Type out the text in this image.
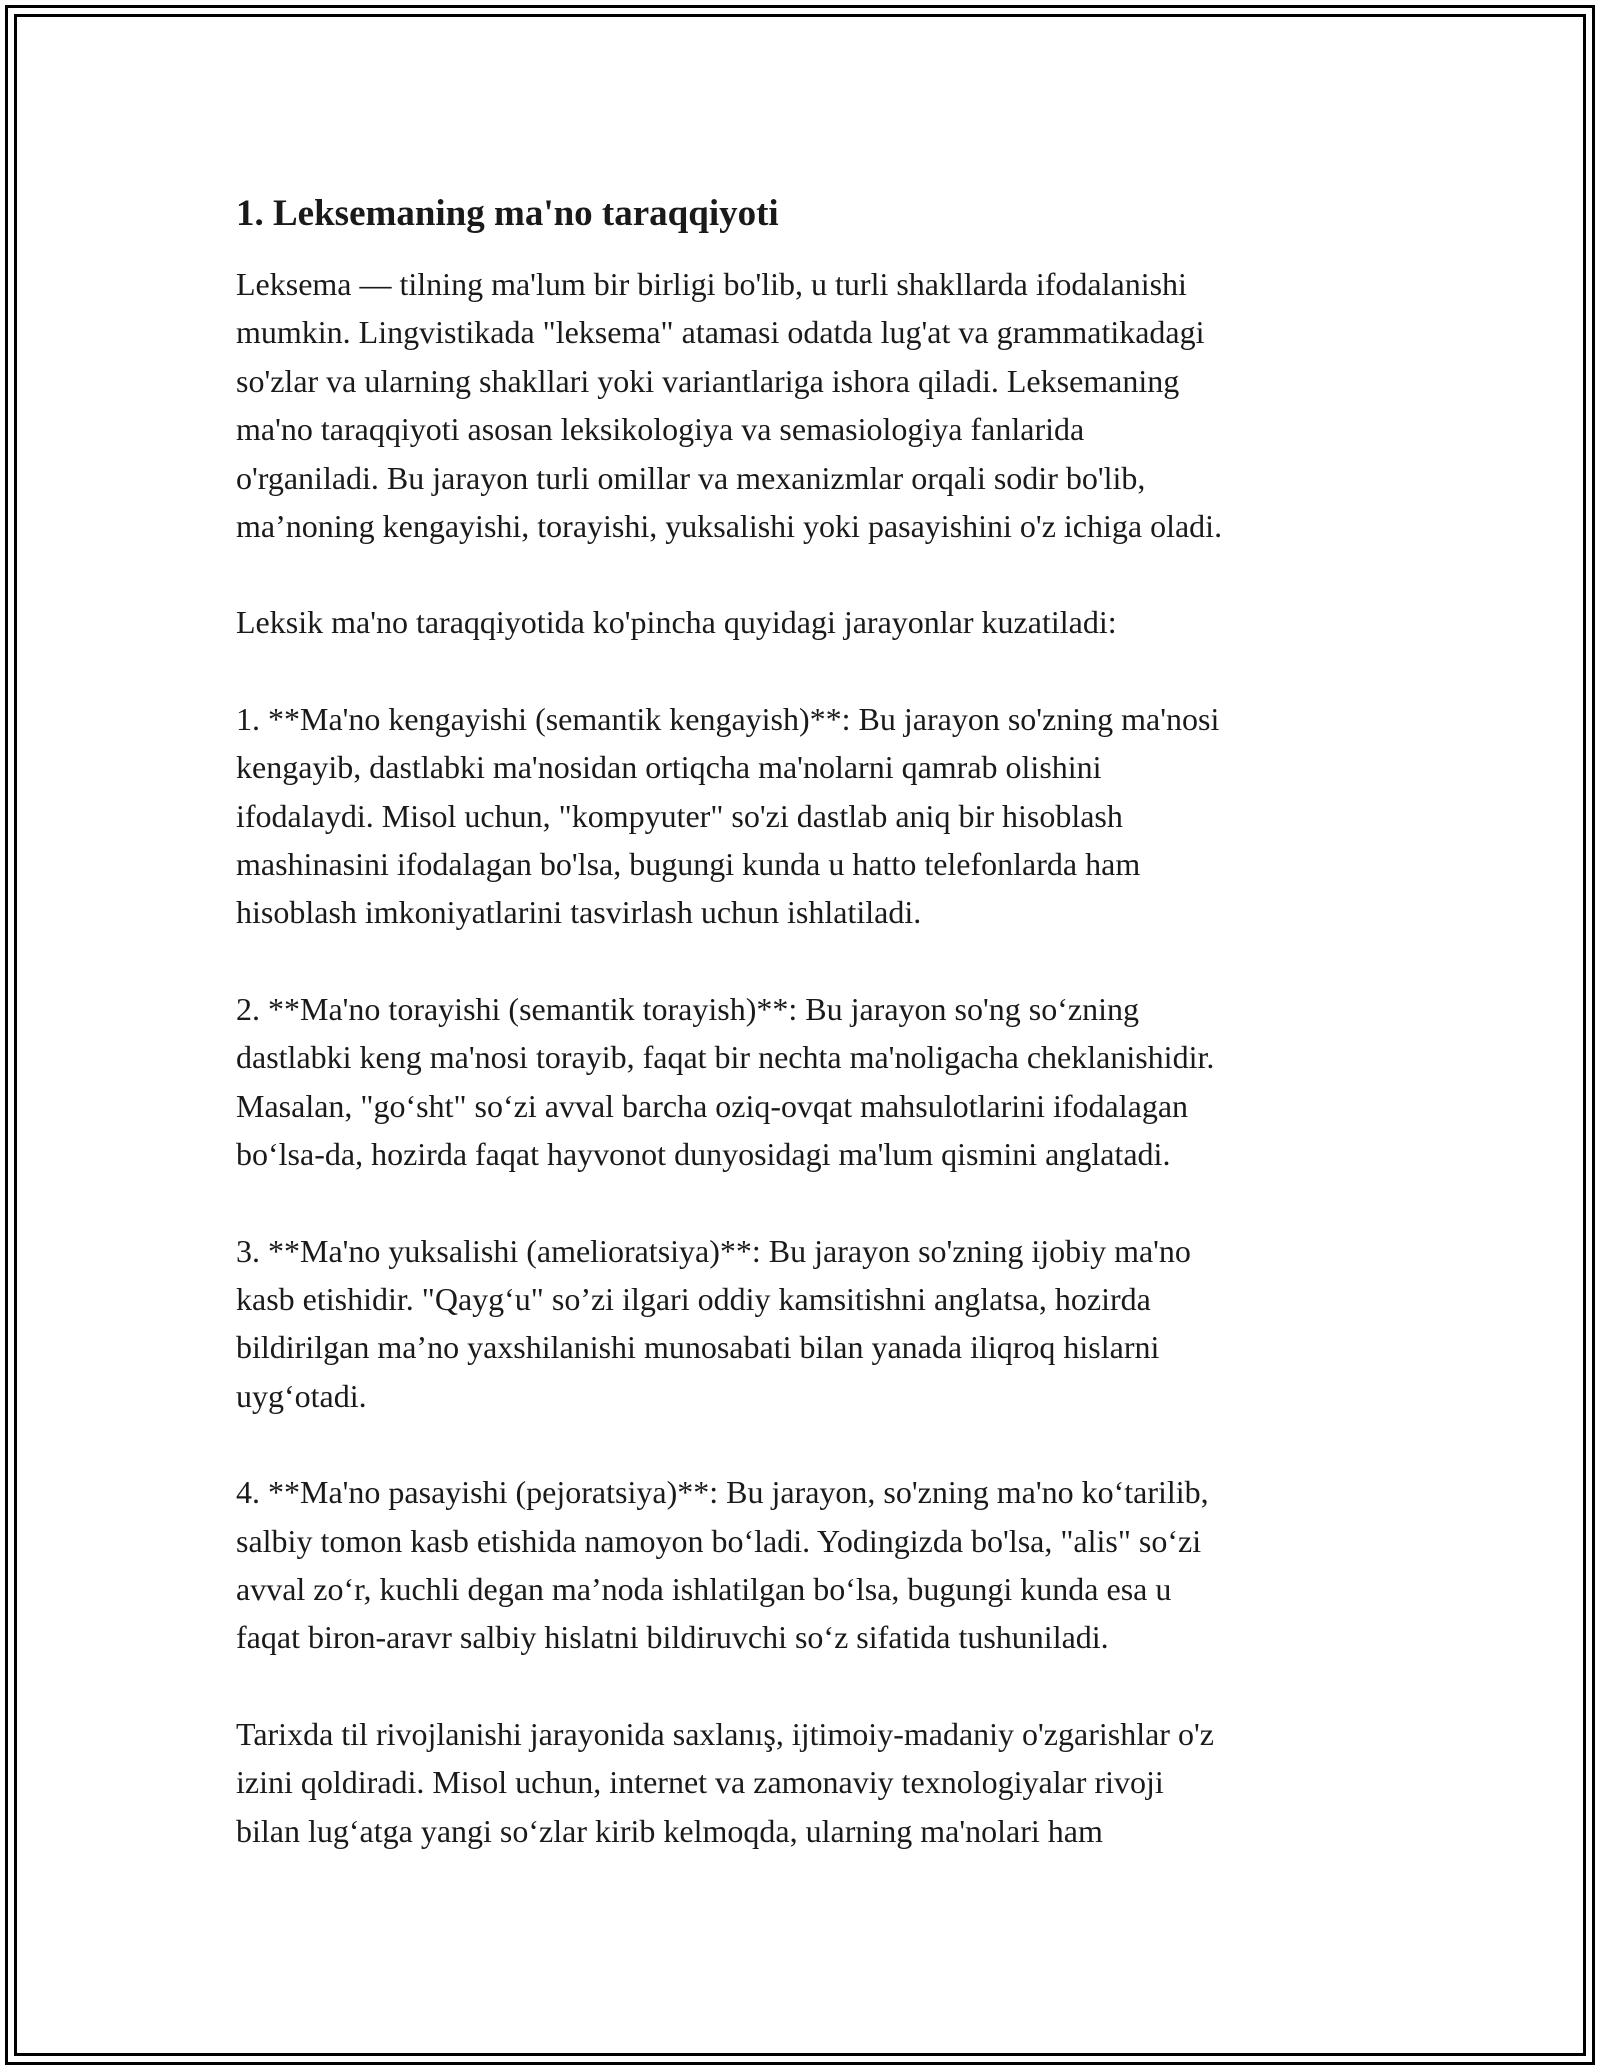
1. Leksemaning ma'no taraqqiyoti

Leksema — tilning ma'lum bir birligi bo'lib, u turli shakllarda ifodalanishi
mumkin. Lingvistikada "leksema" atamasi odatda lug'at va grammatikadagi
so'zlar va ularning shakllari yoki variantlariga ishora qiladi. Leksemaning
ma'no taraqqiyoti asosan leksikologiya va semasiologiya fanlarida
o'rganiladi. Bu jarayon turli omillar va mexanizmlar orqali sodir bo'lib,
ma’noning kengayishi, torayishi, yuksalishi yoki pasayishini o'z ichiga oladi.

Leksik ma'no taraqqiyotida ko'pincha quyidagi jarayonlar kuzatiladi:

1. **Ma'no kengayishi (semantik kengayish)**: Bu jarayon so'zning ma'nosi
kengayib, dastlabki ma'nosidan ortiqcha ma'nolarni qamrab olishini
ifodalaydi. Misol uchun, "kompyuter" so'zi dastlab aniq bir hisoblash
mashinasini ifodalagan bo'lsa, bugungi kunda u hatto telefonlarda ham
hisoblash imkoniyatlarini tasvirlash uchun ishlatiladi.

2. **Ma'no torayishi (semantik torayish)**: Bu jarayon so'ng so‘zning
dastlabki keng ma'nosi torayib, faqat bir nechta ma'noligacha cheklanishidir.
Masalan, "go‘sht" so‘zi avval barcha oziq-ovqat mahsulotlarini ifodalagan
bo‘lsa-da, hozirda faqat hayvonot dunyosidagi ma'lum qismini anglatadi.

3. **Ma'no yuksalishi (amelioratsiya)**: Bu jarayon so'zning ijobiy ma'no
kasb etishidir. "Qayg‘u" so’zi ilgari oddiy kamsitishni anglatsa, hozirda
bildirilgan ma’no yaxshilanishi munosabati bilan yanada iliqroq hislarni
uyg‘otadi.

4. **Ma'no pasayishi (pejoratsiya)**: Bu jarayon, so'zning ma'no ko‘tarilib,
salbiy tomon kasb etishida namoyon bo‘ladi. Yodingizda bo'lsa, "alis" so‘zi
avval zo‘r, kuchli degan ma’noda ishlatilgan bo‘lsa, bugungi kunda esa u
faqat biron-aravr salbiy hislatni bildiruvchi so‘z sifatida tushuniladi.

Tarixda til rivojlanishi jarayonida saxlanış, ijtimoiy-madaniy o'zgarishlar o'z
izini qoldiradi. Misol uchun, internet va zamonaviy texnologiyalar rivoji
bilan lug‘atga yangi so‘zlar kirib kelmoqda, ularning ma'nolari ham
